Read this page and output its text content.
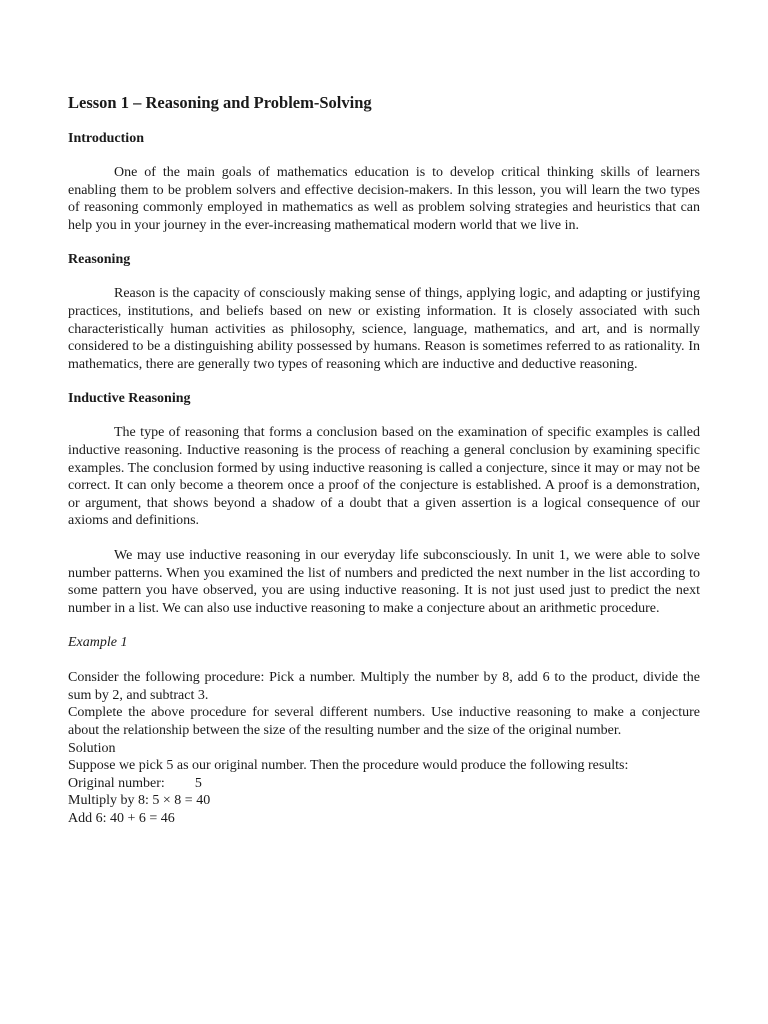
Lesson 1 – Reasoning and Problem-Solving
Introduction

One of the main goals of mathematics education is to develop critical thinking skills of learners enabling them to be problem solvers and effective decision-makers. In this lesson, you will learn the two types of reasoning commonly employed in mathematics as well as problem solving strategies and heuristics that can help you in your journey in the ever-increasing mathematical modern world that we live in.

Reasoning

Reason is the capacity of consciously making sense of things, applying logic, and adapting or justifying practices, institutions, and beliefs based on new or existing information. It is closely associated with such characteristically human activities as philosophy, science, language, mathematics, and art, and is normally considered to be a distinguishing ability possessed by humans. Reason is sometimes referred to as rationality. In mathematics, there are generally two types of reasoning which are inductive and deductive reasoning.

Inductive Reasoning

The type of reasoning that forms a conclusion based on the examination of specific examples is called inductive reasoning. Inductive reasoning is the process of reaching a general conclusion by examining specific examples. The conclusion formed by using inductive reasoning is called a conjecture, since it may or may not be correct. It can only become a theorem once a proof of the conjecture is established. A proof is a demonstration, or argument, that shows beyond a shadow of a doubt that a given assertion is a logical consequence of our axioms and definitions.

We may use inductive reasoning in our everyday life subconsciously. In unit 1, we were able to solve number patterns. When you examined the list of numbers and predicted the next number in the list according to some pattern you have observed, you are using inductive reasoning. It is not just used just to predict the next number in a list. We can also use inductive reasoning to make a conjecture about an arithmetic procedure.

Example 1

Consider the following procedure: Pick a number. Multiply the number by 8, add 6 to the product, divide the sum by 2, and subtract 3.

Complete the above procedure for several different numbers. Use inductive reasoning to make a conjecture about the relationship between the size of the resulting number and the size of the original number.

Solution

Suppose we pick 5 as our original number. Then the procedure would produce the following results:

Original number: 5

Multiply by 8: 5 × 8 = 40

Add 6: 40 + 6 = 46
